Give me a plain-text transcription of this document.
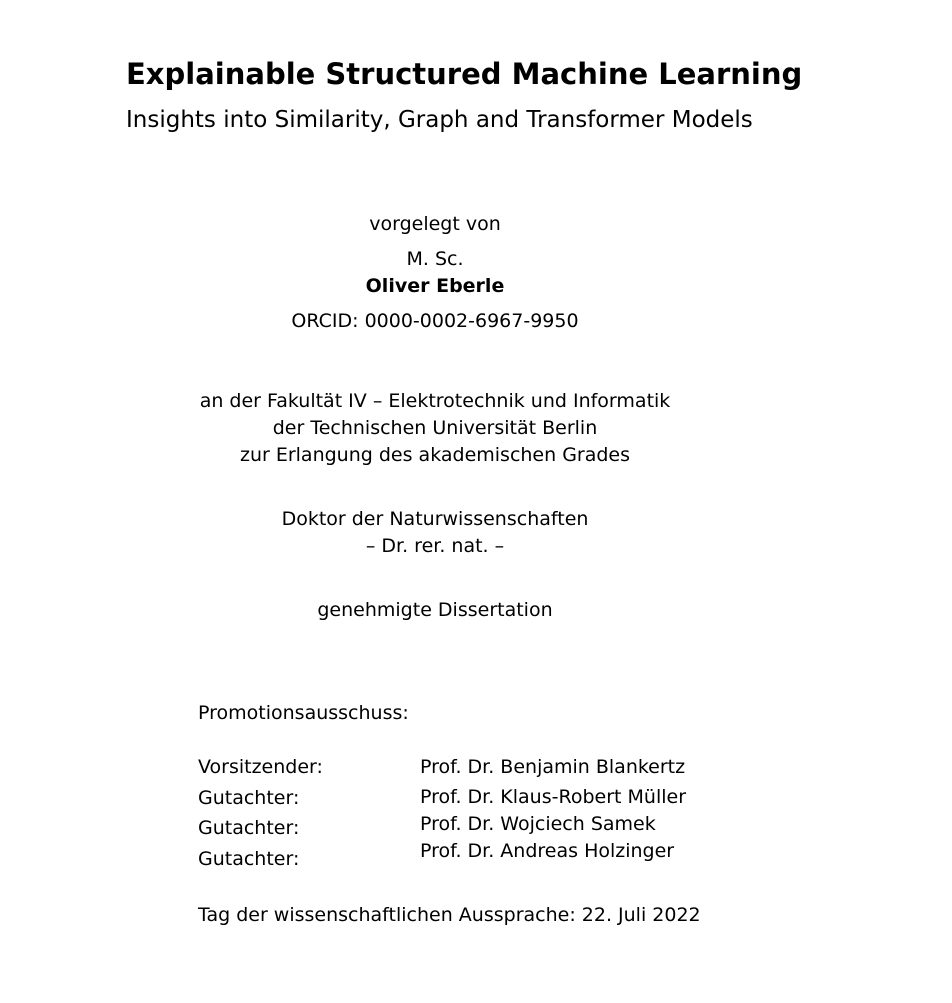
Explainable Structured Machine Learning
Insights into Similarity, Graph and Transformer Models
vorgelegt von
M. Sc.
Oliver Eberle
ORCID: 0000-0002-6967-9950
an der Fakultät IV – Elektrotechnik und Informatik
der Technischen Universität Berlin
zur Erlangung des akademischen Grades
Doktor der Naturwissenschaften
– Dr. rer. nat. –
genehmigte Dissertation
Promotionsausschuss:
Vorsitzender:	Prof. Dr. Benjamin Blankertz
Gutachter:	Prof. Dr. Klaus-Robert Müller
Gutachter:	Prof. Dr. Wojciech Samek
Gutachter:	Prof. Dr. Andreas Holzinger
Tag der wissenschaftlichen Aussprache: 22. Juli 2022
